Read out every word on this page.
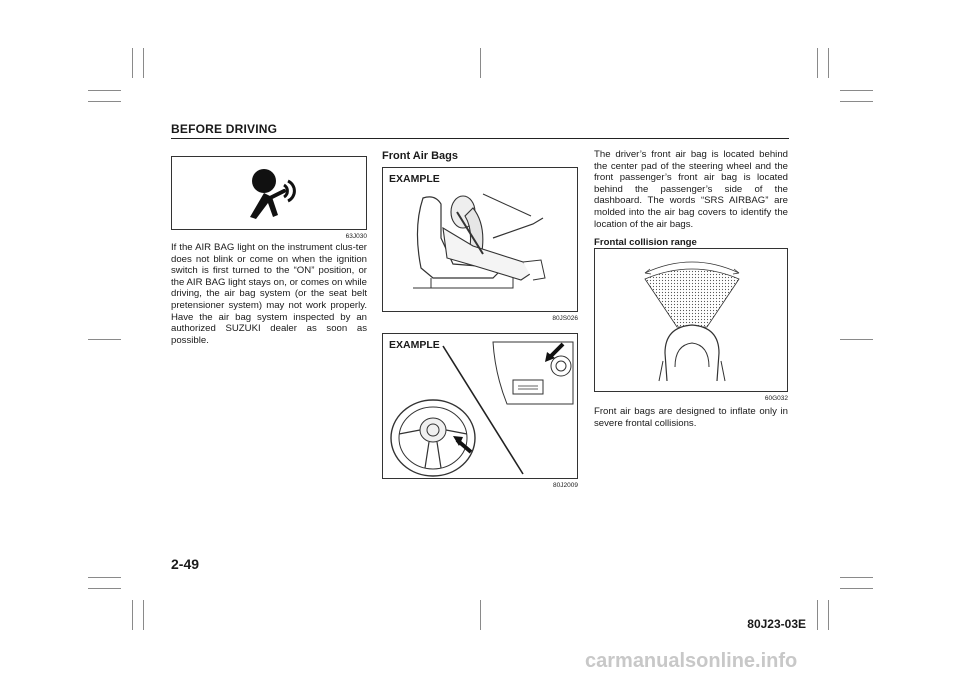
BEFORE DRIVING
63J030
If the AIR BAG light on the instrument clus-ter does not blink or come on when the ignition switch is first turned to the “ON” position, or the AIR BAG light stays on, or comes on while driving, the air bag system (or the seat belt pretensioner system) may not work properly. Have the air bag system inspected by an authorized SUZUKI dealer as soon as possible.
Front Air Bags
EXAMPLE
80JS026
EXAMPLE
80J2009
The driver’s front air bag is located behind the center pad of the steering wheel and the front passenger’s front air bag is located behind the passenger’s side of the dashboard. The words “SRS AIRBAG” are molded into the air bag covers to identify the location of the air bags.
Frontal collision range
60G032
Front air bags are designed to inflate only in severe frontal collisions.
2-49
80J23-03E
carmanualsonline.info
